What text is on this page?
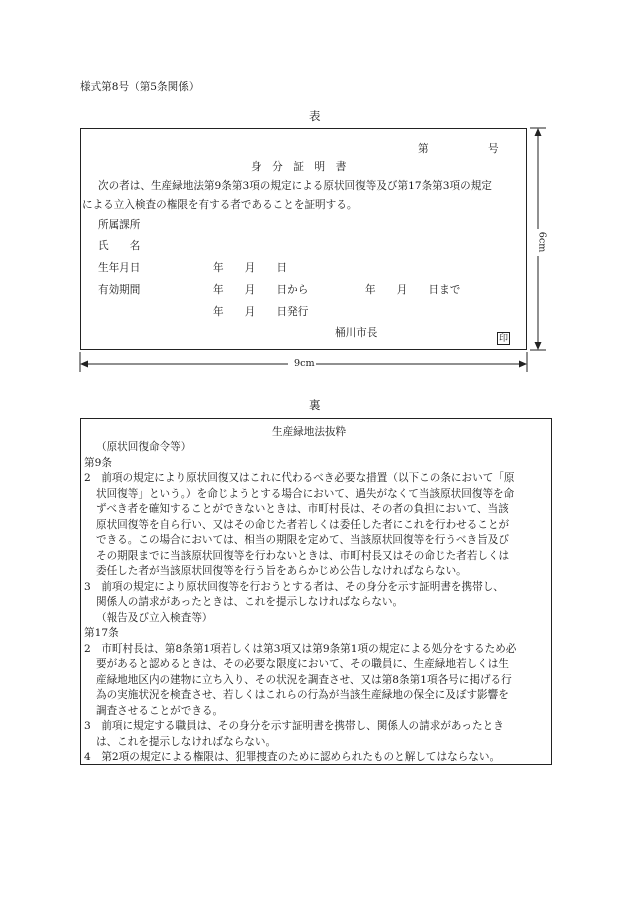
様式第8号（第5条関係）
表
第	号
身　分　証　明　書
次の者は、生産緑地法第9条第3項の規定による原状回復等及び第17条第3項の規定
による立入検査の権限を有する者であることを証明する。
所属課所
氏　　名
生年月日	年　　月　　日
有効期間	年　　月　　日から	年　　月　　日まで
年　　月　　日発行
桶川市長	印
6cm
9cm
裏
生産緑地法抜粋
（原状回復命令等）
第9条
2　前項の規定により原状回復又はこれに代わるべき必要な措置（以下この条において「原
状回復等」という。）を命じようとする場合において、過失がなくて当該原状回復等を命
ずべき者を確知することができないときは、市町村長は、その者の負担において、当該
原状回復等を自ら行い、又はその命じた者若しくは委任した者にこれを行わせることが
できる。この場合においては、相当の期限を定めて、当該原状回復等を行うべき旨及び
その期限までに当該原状回復等を行わないときは、市町村長又はその命じた者若しくは
委任した者が当該原状回復等を行う旨をあらかじめ公告しなければならない。
3　前項の規定により原状回復等を行おうとする者は、その身分を示す証明書を携帯し、
関係人の請求があったときは、これを提示しなければならない。
（報告及び立入検査等）
第17条
2　市町村長は、第8条第1項若しくは第3項又は第9条第1項の規定による処分をするため必
要があると認めるときは、その必要な限度において、その職員に、生産緑地若しくは生
産緑地地区内の建物に立ち入り、その状況を調査させ、又は第8条第1項各号に掲げる行
為の実施状況を検査させ、若しくはこれらの行為が当該生産緑地の保全に及ぼす影響を
調査させることができる。
3　前項に規定する職員は、その身分を示す証明書を携帯し、関係人の請求があったとき
は、これを提示しなければならない。
4　第2項の規定による権限は、犯罪捜査のために認められたものと解してはならない。
